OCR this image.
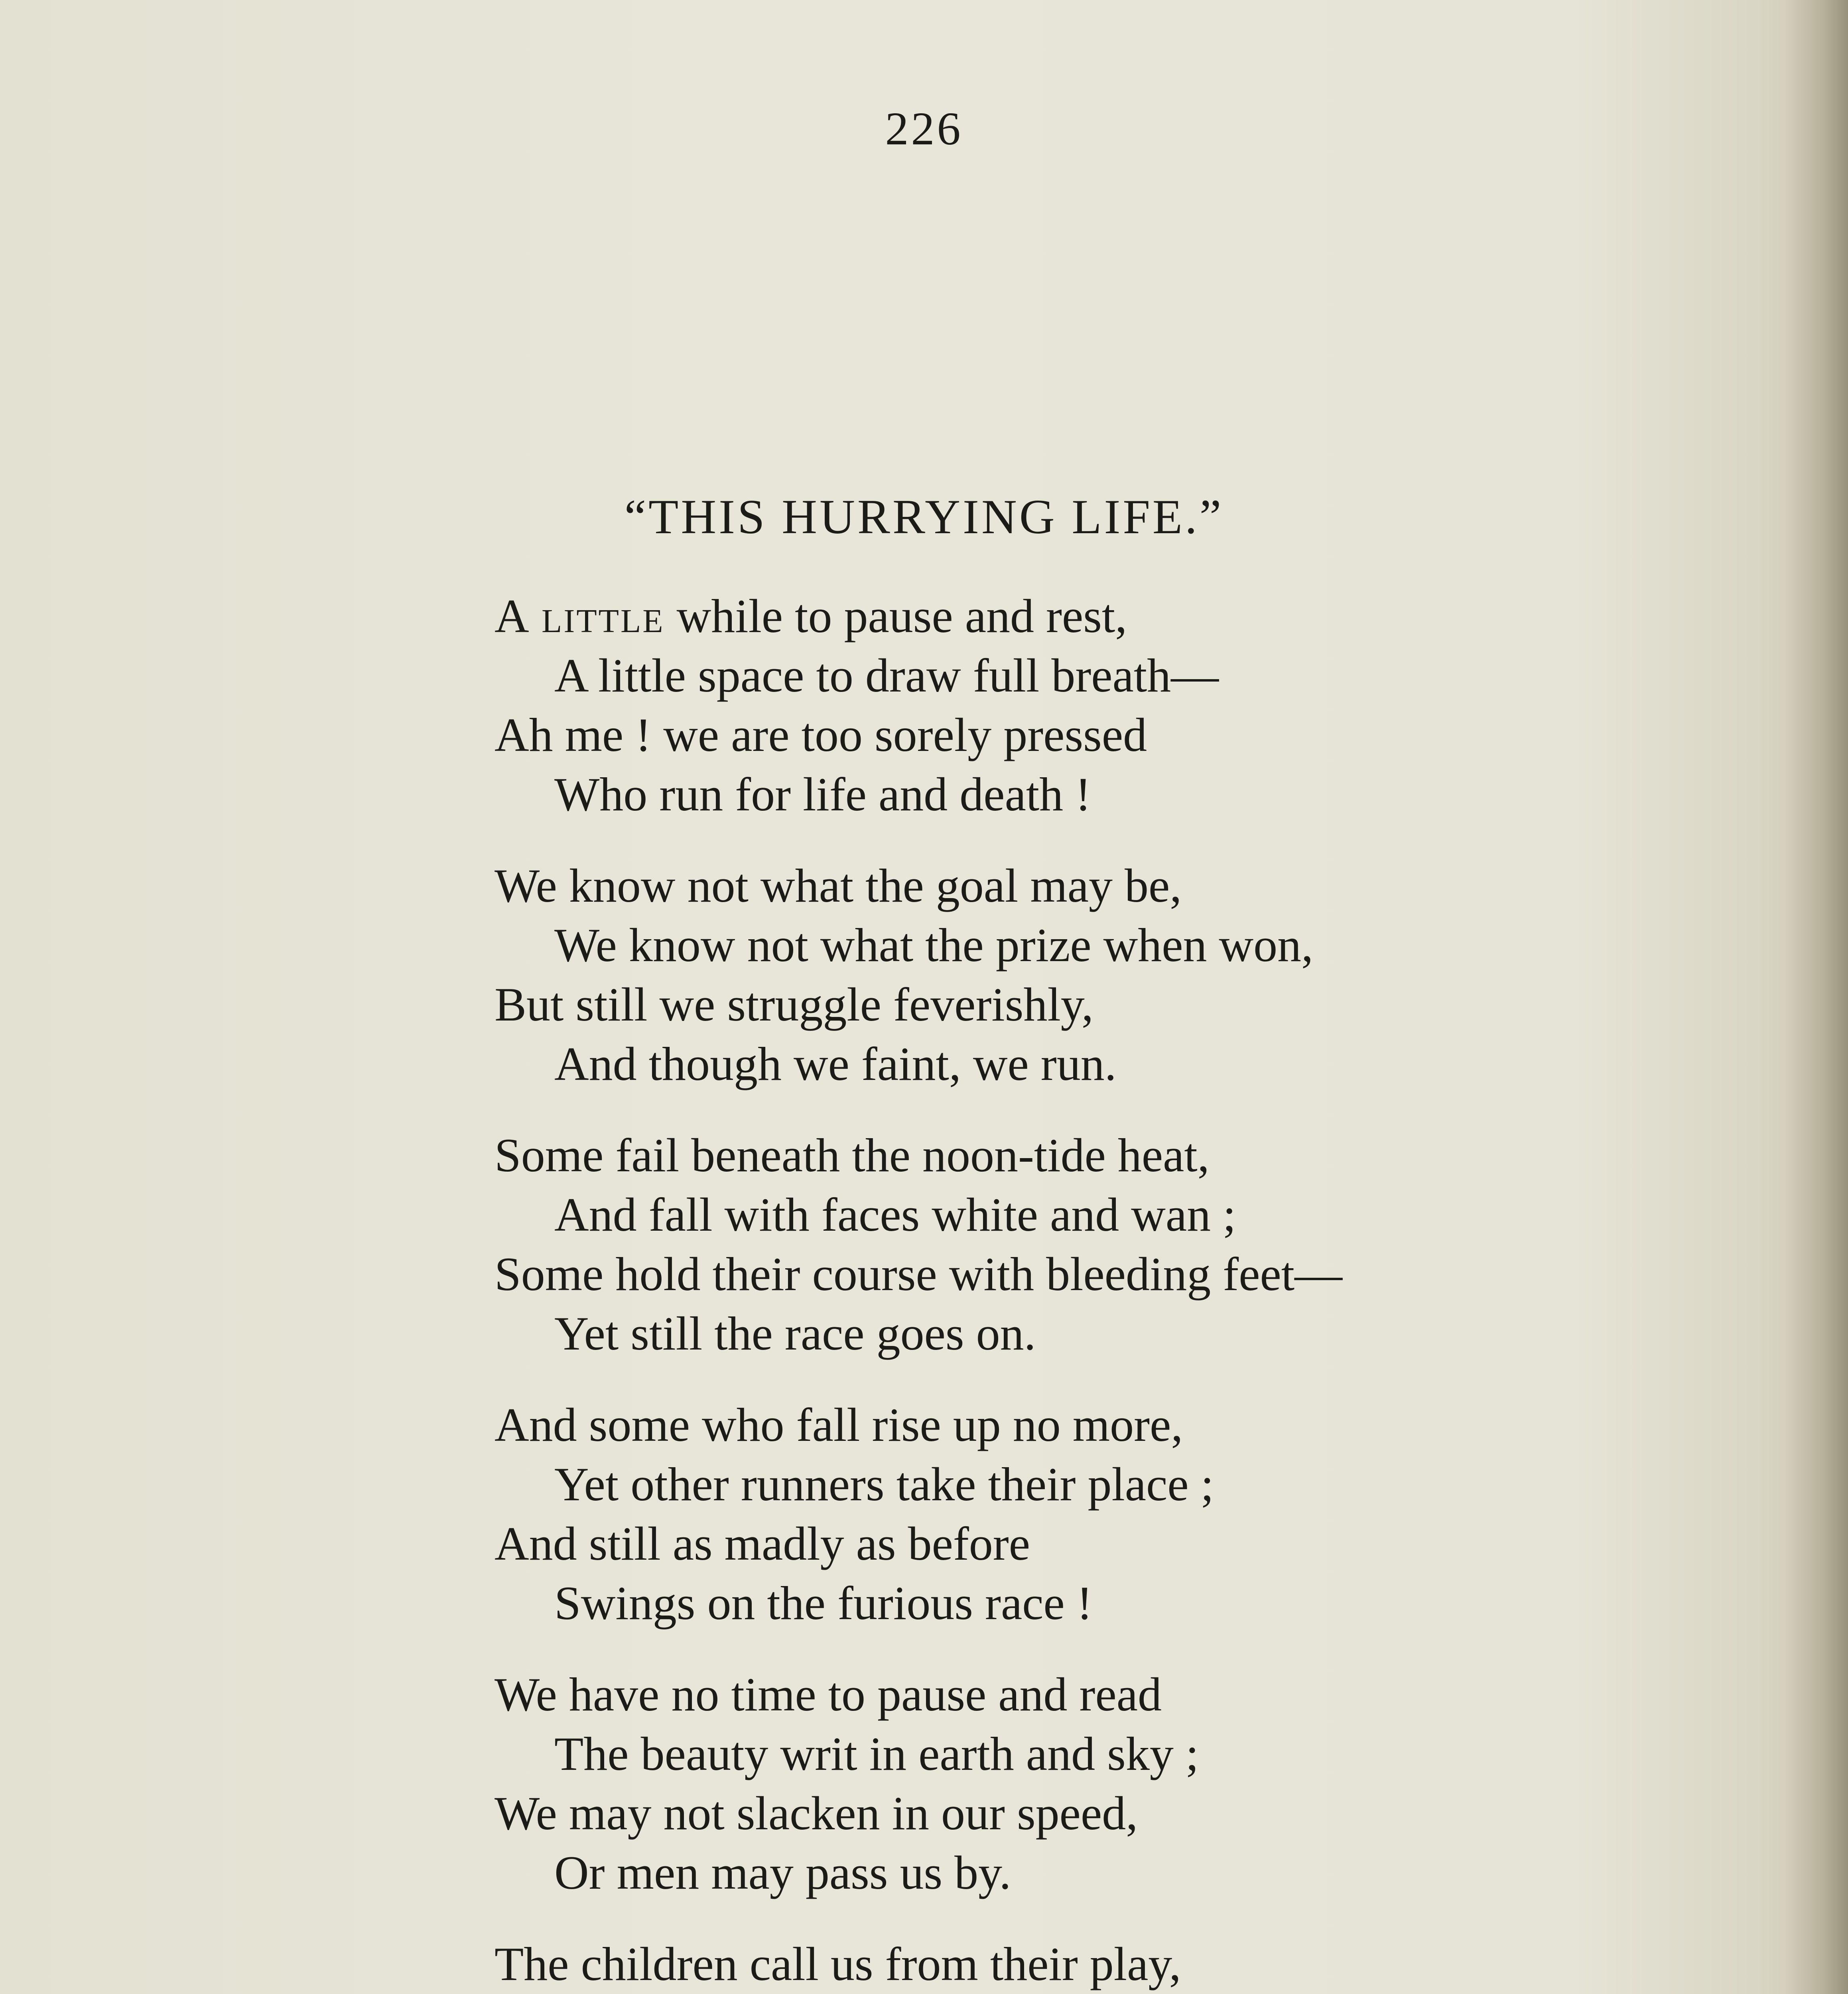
226
“THIS HURRYING LIFE.”
A little while to pause and rest,
A little space to draw full breath—
Ah me ! we are too sorely pressed
Who run for life and death !
We know not what the goal may be,
We know not what the prize when won,
But still we struggle feverishly,
And though we faint, we run.
Some fail beneath the noon-tide heat,
And fall with faces white and wan ;
Some hold their course with bleeding feet—
Yet still the race goes on.
And some who fall rise up no more,
Yet other runners take their place ;
And still as madly as before
Swings on the furious race !
We have no time to pause and read
The beauty writ in earth and sky ;
We may not slacken in our speed,
Or men may pass us by.
The children call us from their play,
